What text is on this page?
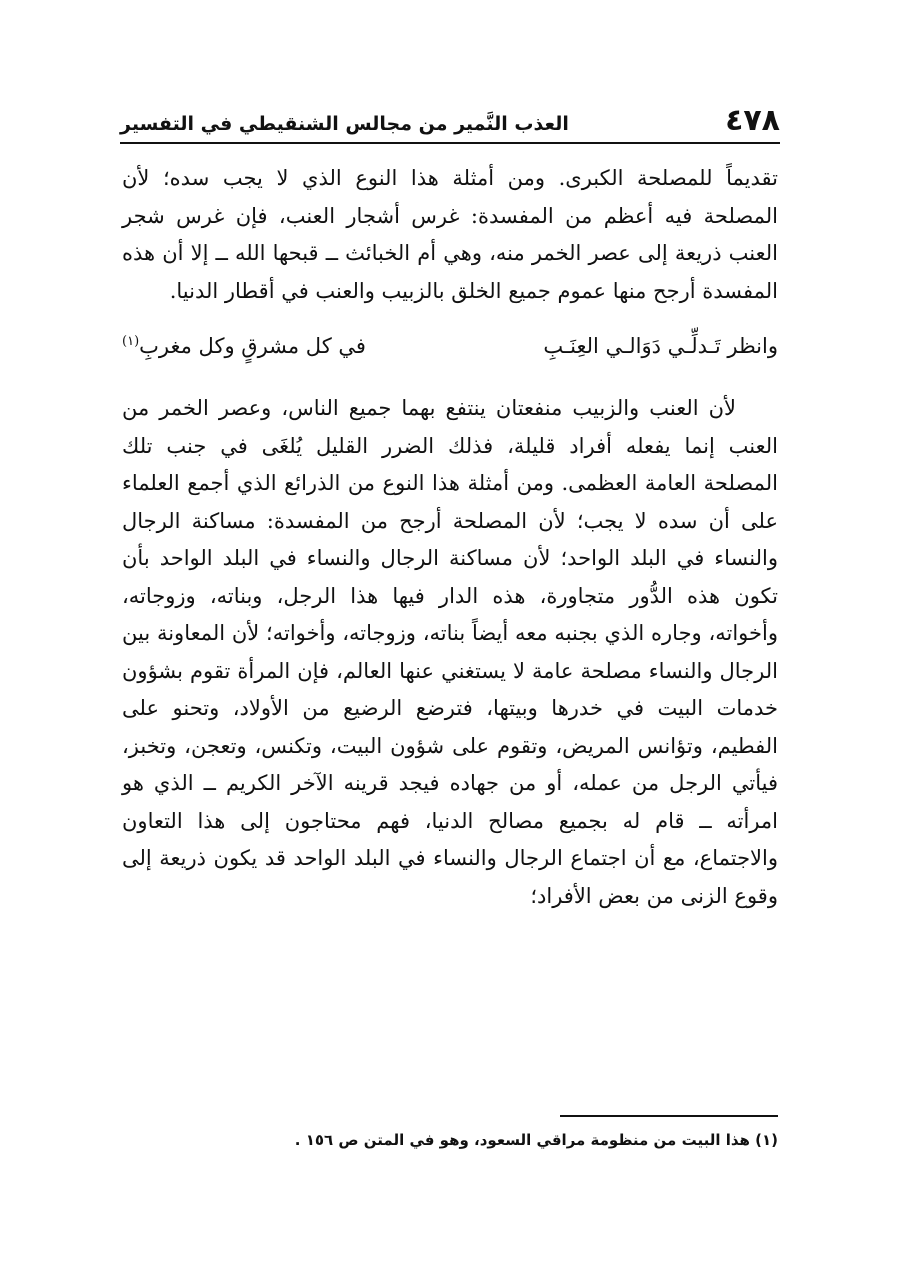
٤٧٨
العذب النَّمير من مجالس الشنقيطي في التفسير

تقديماً للمصلحة الكبرى. ومن أمثلة هذا النوع الذي لا يجب سده؛ لأن المصلحة فيه أعظم من المفسدة: غرس أشجار العنب، فإن غرس شجر العنب ذريعة إلى عصر الخمر منه، وهي أم الخبائث ــ قبحها الله ــ إلا أن هذه المفسدة أرجح منها عموم جميع الخلق بالزبيب والعنب في أقطار الدنيا.

وانظر تَـدلِّـي دَوَالـي العِنَـبِ
في كل مشرقٍ وكل مغربِ$^{(١)}$

لأن العنب والزبيب منفعتان ينتفع بهما جميع الناس، وعصر الخمر من العنب إنما يفعله أفراد قليلة، فذلك الضرر القليل يُلغَى في جنب تلك المصلحة العامة العظمى. ومن أمثلة هذا النوع من الذرائع الذي أجمع العلماء على أن سده لا يجب؛ لأن المصلحة أرجح من المفسدة: مساكنة الرجال والنساء في البلد الواحد؛ لأن مساكنة الرجال والنساء في البلد الواحد بأن تكون هذه الدُّور متجاورة، هذه الدار فيها هذا الرجل، وبناته، وزوجاته، وأخواته، وجاره الذي بجنبه معه أيضاً بناته، وزوجاته، وأخواته؛ لأن المعاونة بين الرجال والنساء مصلحة عامة لا يستغني عنها العالم، فإن المرأة تقوم بشؤون خدمات البيت في خدرها وبيتها، فترضع الرضيع من الأولاد، وتحنو على الفطيم، وتؤانس المريض، وتقوم على شؤون البيت، وتكنس، وتعجن، وتخبز، فيأتي الرجل من عمله، أو من جهاده فيجد قرينه الآخر الكريم ــ الذي هو امرأته ــ قام له بجميع مصالح الدنيا، فهم محتاجون إلى هذا التعاون والاجتماع، مع أن اجتماع الرجال والنساء في البلد الواحد قد يكون ذريعة إلى وقوع الزنى من بعض الأفراد؛

(١) هذا البيت من منظومة مراقي السعود، وهو في المتن ص ١٥٦ .
